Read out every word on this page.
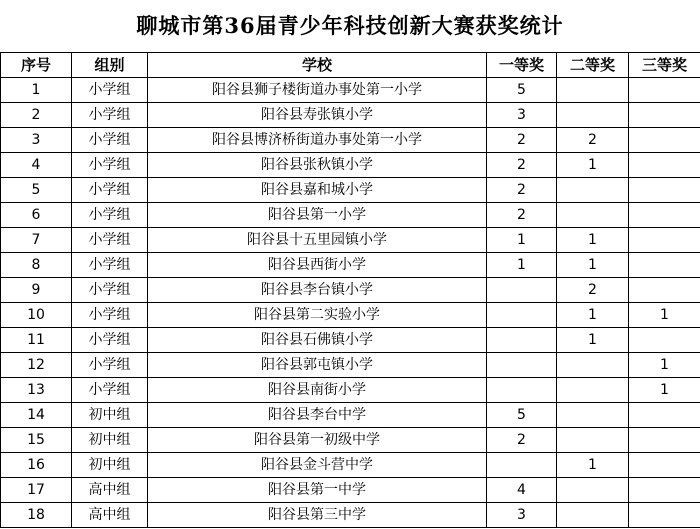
聊城市第36届青少年科技创新大赛获奖统计
序号	组别	学校	一等奖	二等奖	三等奖
1	小学组	阳谷县狮子楼街道办事处第一小学	5		
2	小学组	阳谷县寿张镇小学	3		
3	小学组	阳谷县博济桥街道办事处第一小学	2	2	
4	小学组	阳谷县张秋镇小学	2	1	
5	小学组	阳谷县嘉和城小学	2		
6	小学组	阳谷县第一小学	2		
7	小学组	阳谷县十五里园镇小学	1	1	
8	小学组	阳谷县西街小学	1	1	
9	小学组	阳谷县李台镇小学		2	
10	小学组	阳谷县第二实验小学		1	1
11	小学组	阳谷县石佛镇小学		1	
12	小学组	阳谷县郭屯镇小学			1
13	小学组	阳谷县南街小学			1
14	初中组	阳谷县李台中学	5		
15	初中组	阳谷县第一初级中学	2		
16	初中组	阳谷县金斗营中学		1	
17	高中组	阳谷县第一中学	4		
18	高中组	阳谷县第三中学	3		
